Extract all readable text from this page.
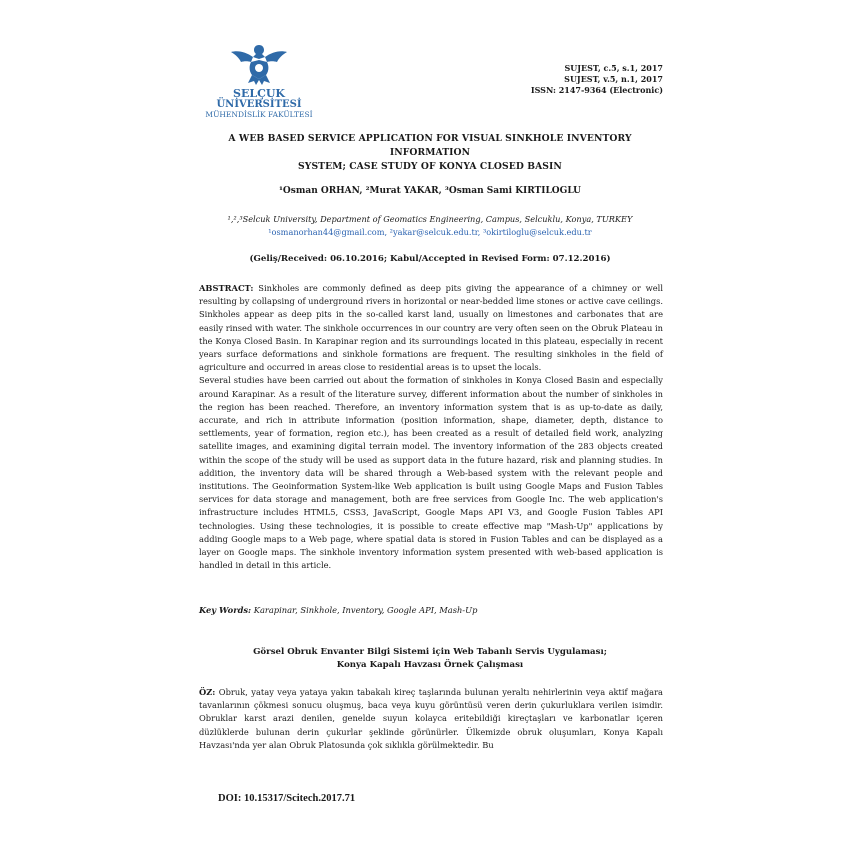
SELÇUK
ÜNİVERSİTESİ
MÜHENDİSLİK FAKÜLTESİ
SUJEST, c.5, s.1, 2017
SUJEST, v.5, n.1, 2017
ISSN: 2147-9364 (Electronic)
A WEB BASED SERVICE APPLICATION FOR VISUAL SINKHOLE INVENTORY INFORMATION
SYSTEM; CASE STUDY OF KONYA CLOSED BASIN
¹Osman ORHAN, ²Murat YAKAR, ³Osman Sami KIRTILOGLU
¹,²,³Selcuk University, Department of Geomatics Engineering, Campus, Selcuklu, Konya, TURKEY
¹osmanorhan44@gmail.com, ²yakar@selcuk.edu.tr, ³okirtiloglu@selcuk.edu.tr
(Geliş/Received: 06.10.2016; Kabul/Accepted in Revised Form: 07.12.2016)

ABSTRACT: Sinkholes are commonly defined as deep pits giving the appearance of a chimney or well resulting by collapsing of underground rivers in horizontal or near-bedded lime stones or active cave ceilings. Sinkholes appear as deep pits in the so-called karst land, usually on limestones and carbonates that are easily rinsed with water. The sinkhole occurrences in our country are very often seen on the Obruk Plateau in the Konya Closed Basin. In Karapinar region and its surroundings located in this plateau, especially in recent years surface deformations and sinkhole formations are frequent. The resulting sinkholes in the field of agriculture and occurred in areas close to residential areas is to upset the locals.

Several studies have been carried out about the formation of sinkholes in Konya Closed Basin and especially around Karapinar. As a result of the literature survey, different information about the number of sinkholes in the region has been reached. Therefore, an inventory information system that is as up-to-date as daily, accurate, and rich in attribute information (position information, shape, diameter, depth, distance to settlements, year of formation, region etc.), has been created as a result of detailed field work, analyzing satellite images, and examining digital terrain model. The inventory information of the 283 objects created within the scope of the study will be used as support data in the future hazard, risk and planning studies. In addition, the inventory data will be shared through a Web-based system with the relevant people and institutions. The Geoinformation System-like Web application is built using Google Maps and Fusion Tables services for data storage and management, both are free services from Google Inc. The web application's infrastructure includes HTML5, CSS3, JavaScript, Google Maps API V3, and Google Fusion Tables API technologies. Using these technologies, it is possible to create effective map "Mash-Up" applications by adding Google maps to a Web page, where spatial data is stored in Fusion Tables and can be displayed as a layer on Google maps. The sinkhole inventory information system presented with web-based application is handled in detail in this article.

Key Words: Karapinar, Sinkhole, Inventory, Google API, Mash-Up
Görsel Obruk Envanter Bilgi Sistemi için Web Tabanlı Servis Uygulaması;
Konya Kapalı Havzası Örnek Çalışması

ÖZ: Obruk, yatay veya yataya yakın tabakalı kireç taşlarında bulunan yeraltı nehirlerinin veya aktif mağara tavanlarının çökmesi sonucu oluşmuş, baca veya kuyu görüntüsü veren derin çukurluklara verilen isimdir. Obruklar karst arazi denilen, genelde suyun kolayca eritebildiği kireçtaşları ve karbonatlar içeren düzlüklerde bulunan derin çukurlar şeklinde görünürler. Ülkemizde obruk oluşumları, Konya Kapalı Havzası'nda yer alan Obruk Platosunda çok sıklıkla görülmektedir. Bu

DOI: 10.15317/Scitech.2017.71
